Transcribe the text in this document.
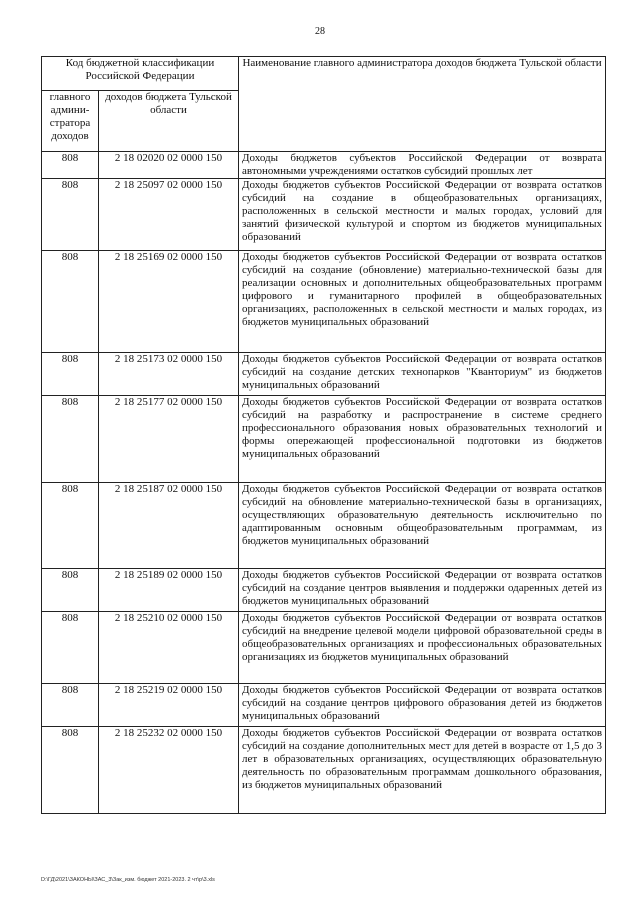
28
Код бюджетной классификации Российской Федерации		Наименование главного администратора доходов бюджета Тульской области
главного админи-стратора доходов	доходов бюджета Тульской области	
808	2 18 02020 02 0000 150	Доходы бюджетов субъектов Российской Федерации от возврата автономными учреждениями остатков субсидий прошлых лет
808	2 18 25097 02 0000 150	Доходы бюджетов субъектов Российской Федерации от возврата остатков субсидий на создание в общеобразовательных организациях, расположенных в сельской местности и малых городах, условий для занятий физической культурой и спортом из бюджетов муниципальных образований
808	2 18 25169 02 0000 150	Доходы бюджетов субъектов Российской Федерации от возврата остатков субсидий на создание (обновление) материально-технической базы для реализации основных и дополнительных общеобразовательных программ цифрового и гуманитарного профилей в общеобразовательных организациях, расположенных в сельской местности и малых городах, из бюджетов муниципальных образований
808	2 18 25173 02 0000 150	Доходы бюджетов субъектов Российской Федерации от возврата остатков субсидий на создание детских технопарков "Кванториум" из бюджетов муниципальных образований
808	2 18 25177 02 0000 150	Доходы бюджетов субъектов Российской Федерации от возврата остатков субсидий на разработку и распространение в системе среднего профессионального образования новых образовательных технологий и формы опережающей профессиональной подготовки из бюджетов муниципальных образований
808	2 18 25187 02 0000 150	Доходы бюджетов субъектов Российской Федерации от возврата остатков субсидий на обновление материально-технической базы в организациях, осуществляющих образовательную деятельность исключительно по адаптированным основным общеобразовательным программам, из бюджетов муниципальных образований
808	2 18 25189 02 0000 150	Доходы бюджетов субъектов Российской Федерации от возврата остатков субсидий на создание центров выявления и поддержки одаренных детей из бюджетов муниципальных образований
808	2 18 25210 02 0000 150	Доходы бюджетов субъектов Российской Федерации от возврата остатков субсидий на внедрение целевой модели цифровой образовательной среды в общеобразовательных организациях и профессиональных образовательных организациях из бюджетов муниципальных образований
808	2 18 25219 02 0000 150	Доходы бюджетов субъектов Российской Федерации от возврата остатков субсидий на создание центров цифрового образования детей из бюджетов муниципальных образований
808	2 18 25232 02 0000 150	Доходы бюджетов субъектов Российской Федерации от возврата остатков субсидий на создание дополнительных мест для детей в возрасте от 1,5 до 3 лет в образовательных организациях, осуществляющих образовательную деятельность по образовательным программам дошкольного образования, из бюджетов муниципальных образований
D:\ГД\2021\ЗАКОНЫ\ЗАС_3\Зак_изм. бюджет 2021-2023. 2 чт\р\3.xls
